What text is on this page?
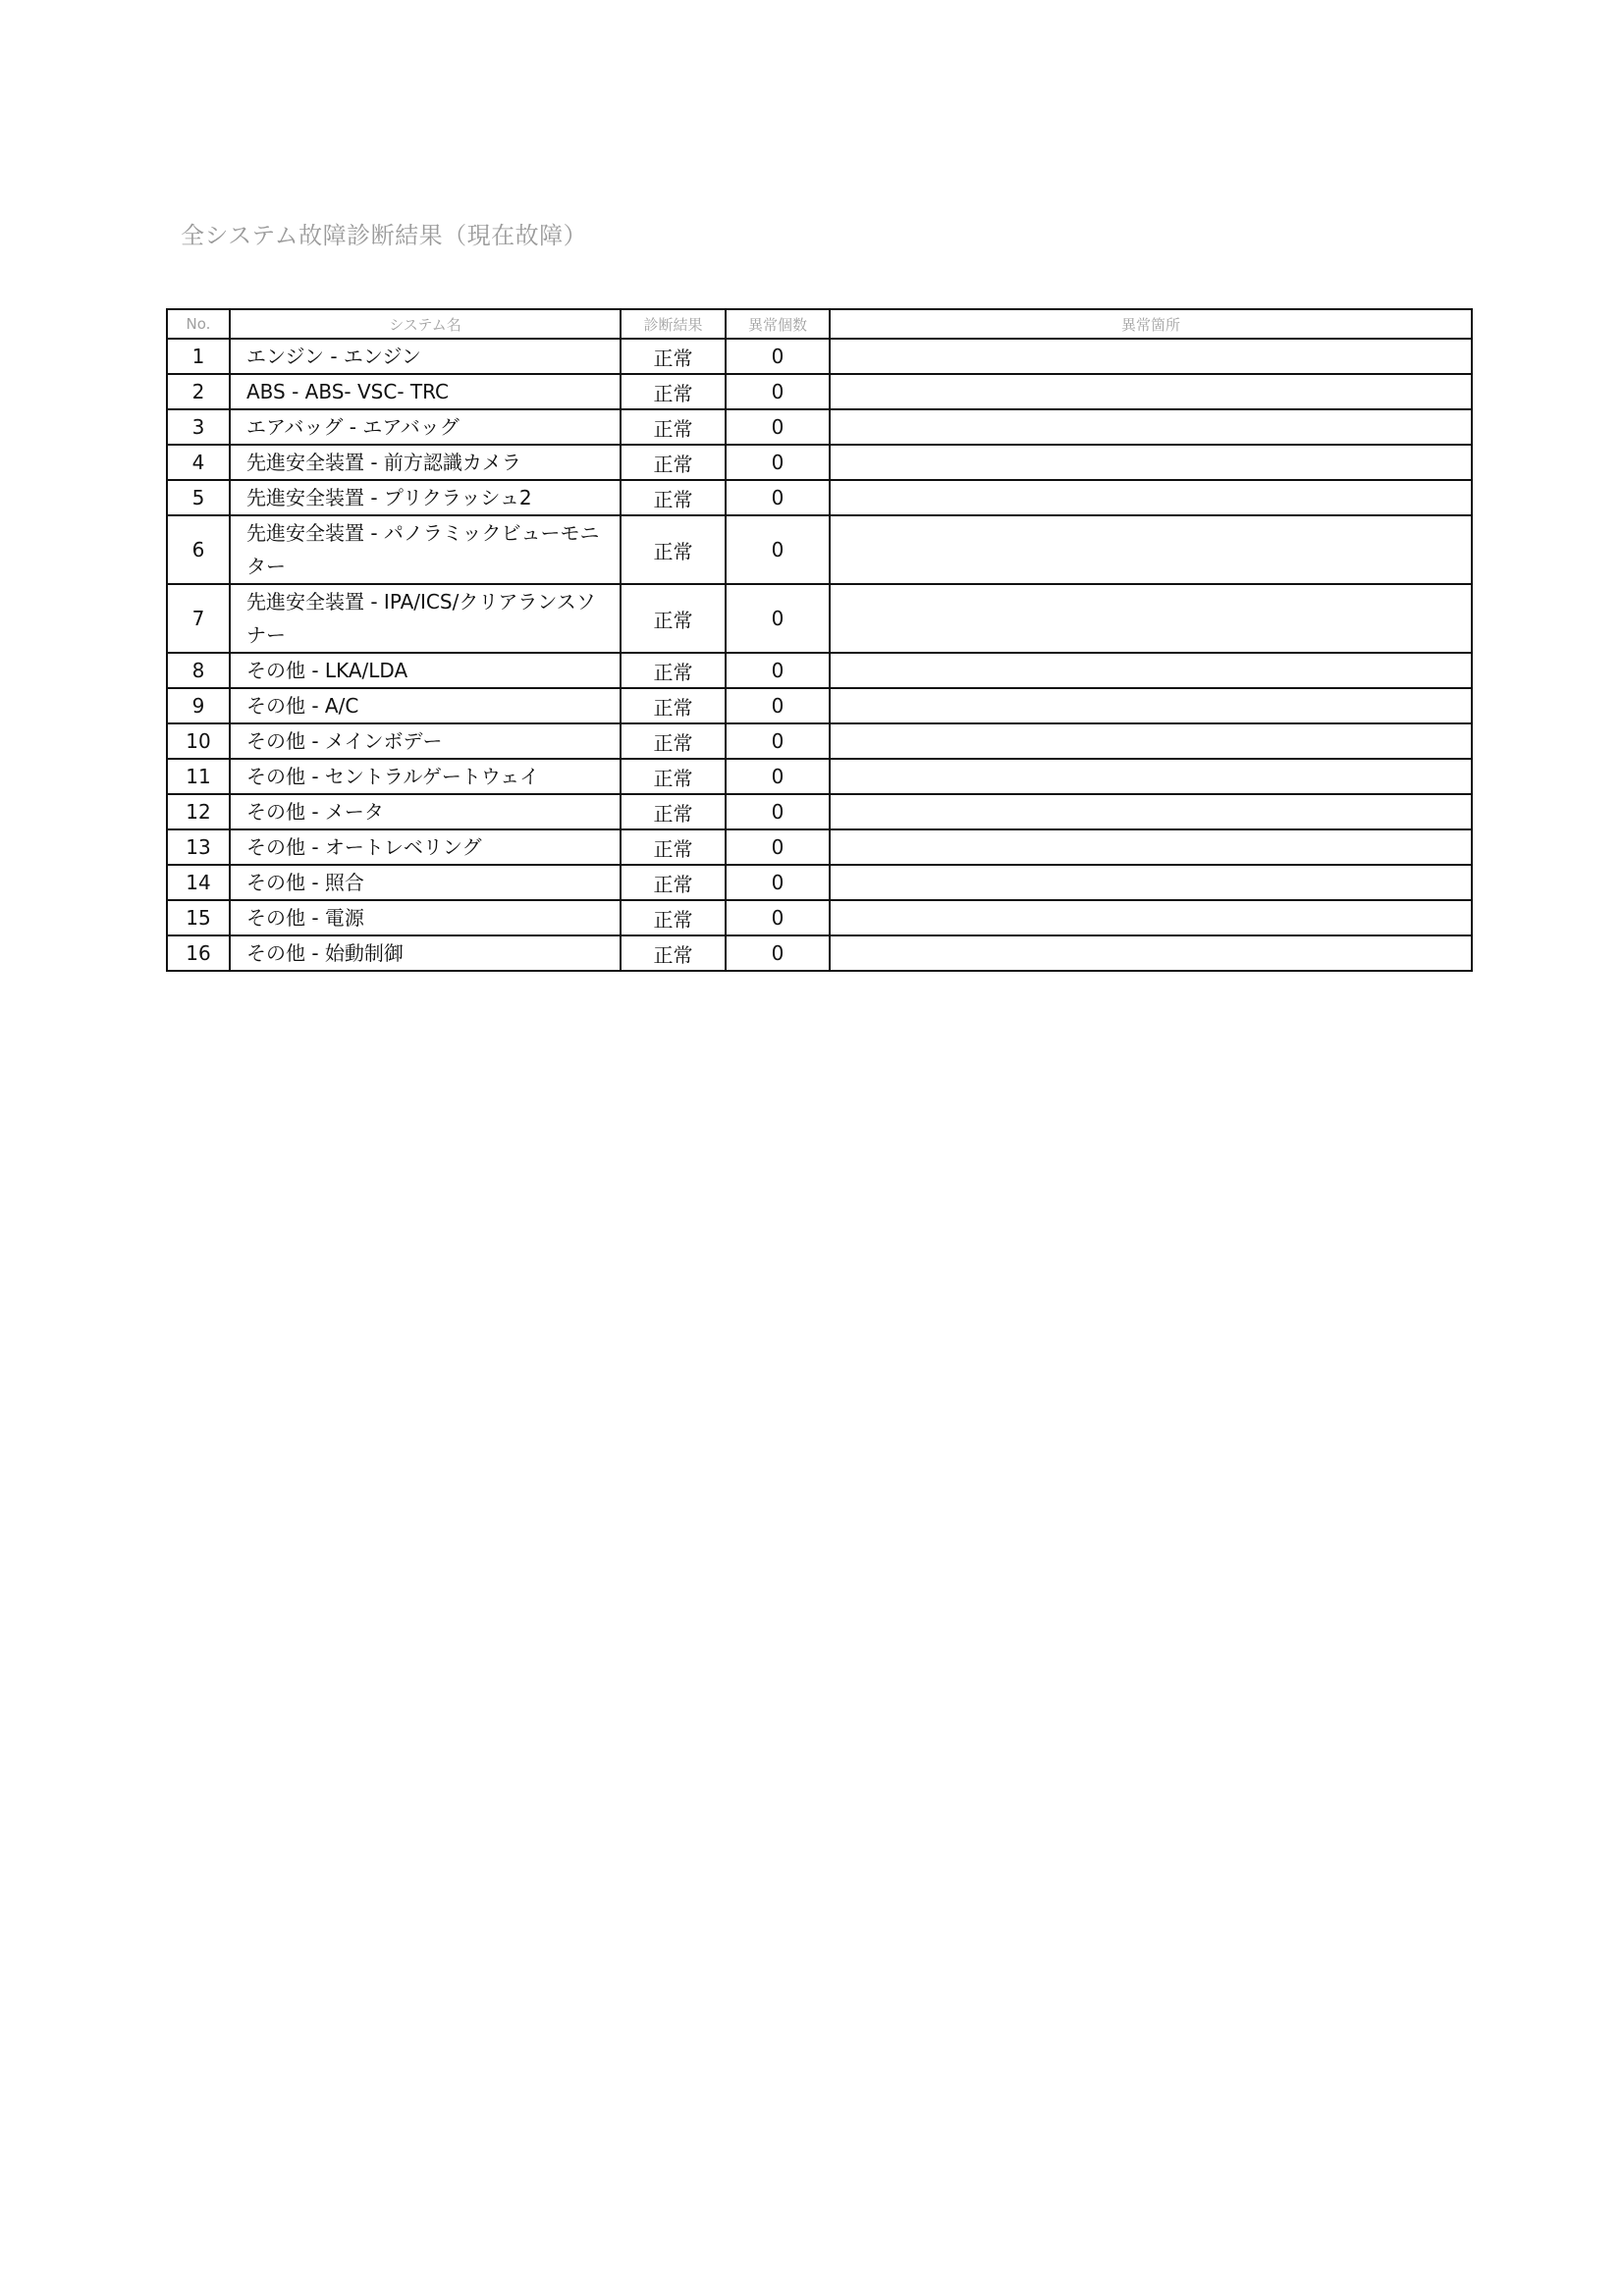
全システム故障診断結果（現在故障）
No.	システム名	診断結果	異常個数	異常箇所
1	エンジン - エンジン	正常	0	
2	ABS - ABS- VSC- TRC	正常	0	
3	エアバッグ - エアバッグ	正常	0	
4	先進安全装置 - 前方認識カメラ	正常	0	
5	先進安全装置 - プリクラッシュ2	正常	0	
6	先進安全装置 - パノラミックビューモニター	正常	0	
7	先進安全装置 - IPA/ICS/クリアランスソナー	正常	0	
8	その他 - LKA/LDA	正常	0	
9	その他 - A/C	正常	0	
10	その他 - メインボデー	正常	0	
11	その他 - セントラルゲートウェイ	正常	0	
12	その他 - メータ	正常	0	
13	その他 - オートレベリング	正常	0	
14	その他 - 照合	正常	0	
15	その他 - 電源	正常	0	
16	その他 - 始動制御	正常	0	
